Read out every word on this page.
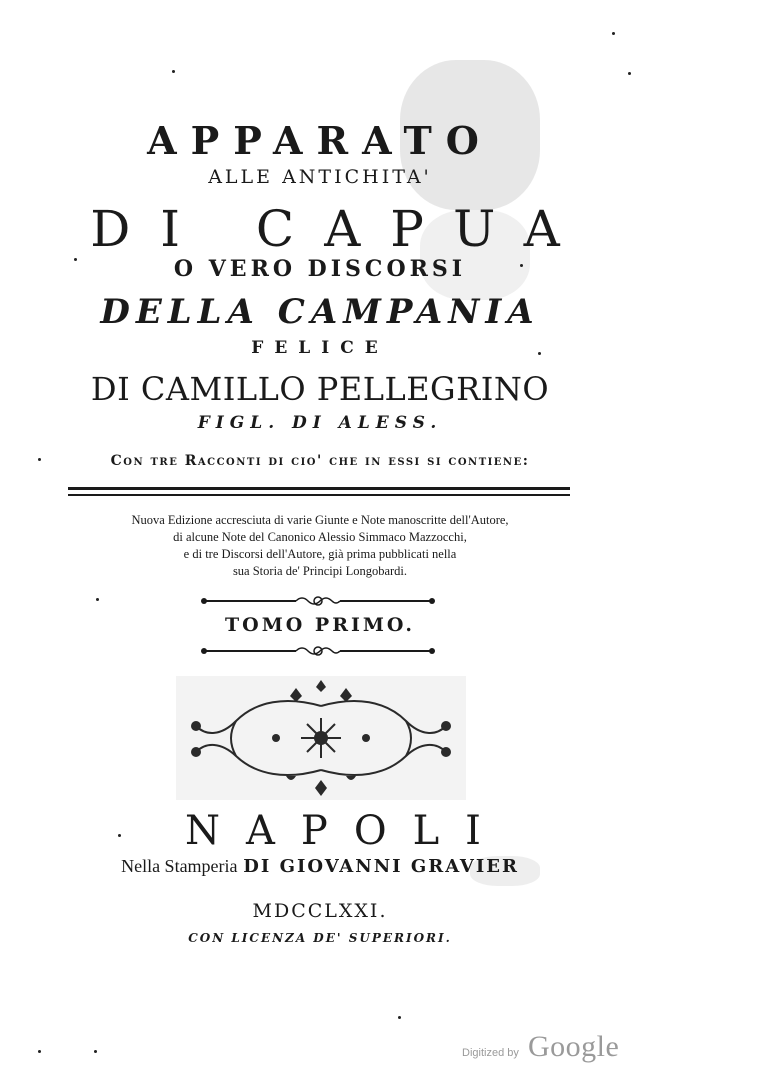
APPARATO
ALLE ANTICHITA'
DI CAPUA
O VERO DISCORSI
DELLA CAMPANIA
FELICE
DI CAMILLO PELLEGRINO
FIGL. DI ALESS.
Con tre Racconti di cio' che in essi si contiene:
Nuova Edizione accresciuta di varie Giunte e Note manoscritte dell'Autore,
di alcune Note del Canonico Alessio Simmaco Mazzocchi,
e di tre Discorsi dell'Autore, già prima pubblicati nella
sua Storia de' Principi Longobardi.
TOMO PRIMO.
NAPOLI
Nella Stamperia DI GIOVANNI GRAVIER
MDCCLXXI.
CON LICENZA DE' SUPERIORI.
Digitized by Google
